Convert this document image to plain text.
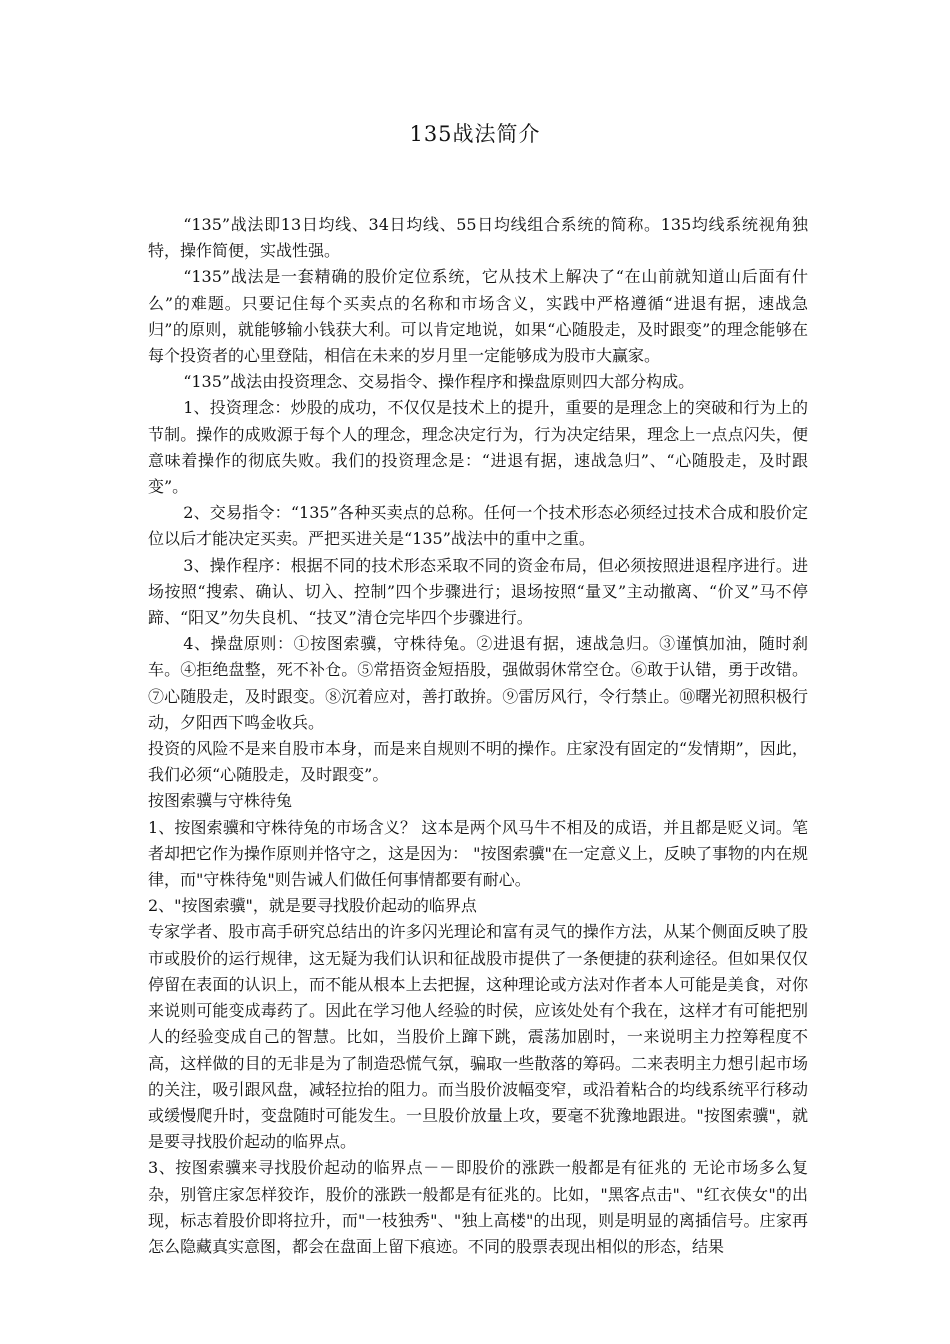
135战法简介

“135”战法即13日均线、34日均线、55日均线组合系统的简称。135均线系统视角独特，操作简便，实战性强。

“135”战法是一套精确的股价定位系统，它从技术上解决了“在山前就知道山后面有什么”的难题。只要记住每个买卖点的名称和市场含义，实践中严格遵循“进退有据，速战急归”的原则，就能够输小钱获大利。可以肯定地说，如果“心随股走，及时跟变”的理念能够在每个投资者的心里登陆，相信在未来的岁月里一定能够成为股市大赢家。

“135”战法由投资理念、交易指令、操作程序和操盘原则四大部分构成。

1、投资理念：炒股的成功，不仅仅是技术上的提升，重要的是理念上的突破和行为上的节制。操作的成败源于每个人的理念，理念决定行为，行为决定结果，理念上一点点闪失，便意味着操作的彻底失败。我们的投资理念是：“进退有据，速战急归”、“心随股走，及时跟变”。

2、交易指令：“135”各种买卖点的总称。任何一个技术形态必须经过技术合成和股价定位以后才能决定买卖。严把买进关是“135”战法中的重中之重。

3、操作程序：根据不同的技术形态采取不同的资金布局，但必须按照进退程序进行。进场按照“搜索、确认、切入、控制”四个步骤进行；退场按照“量叉”主动撤离、“价叉”马不停蹄、“阳叉”勿失良机、“技叉”清仓完毕四个步骤进行。

4、操盘原则：①按图索骥，守株待兔。②进退有据，速战急归。③谨慎加油，随时刹车。④拒绝盘整，死不补仓。⑤常捂资金短捂股，强做弱休常空仓。⑥敢于认错，勇于改错。⑦心随股走，及时跟变。⑧沉着应对，善打敢拚。⑨雷厉风行，令行禁止。⑩曙光初照积极行动，夕阳西下鸣金收兵。

投资的风险不是来自股市本身，而是来自规则不明的操作。庄家没有固定的“发情期”，因此，我们必须“心随股走，及时跟变”。

按图索骥与守株待兔

1、按图索骥和守株待兔的市场含义？ 这本是两个风马牛不相及的成语，并且都是贬义词。笔者却把它作为操作原则并恪守之，这是因为： "按图索骥"在一定意义上，反映了事物的内在规律，而"守株待兔"则告诫人们做任何事情都要有耐心。

2、"按图索骥"，就是要寻找股价起动的临界点

专家学者、股市高手研究总结出的许多闪光理论和富有灵气的操作方法，从某个侧面反映了股市或股价的运行规律，这无疑为我们认识和征战股市提供了一条便捷的获利途径。但如果仅仅停留在表面的认识上，而不能从根本上去把握，这种理论或方法对作者本人可能是美食，对你来说则可能变成毒药了。因此在学习他人经验的时侯，应该处处有个我在，这样才有可能把别人的经验变成自己的智慧。比如，当股价上蹿下跳，震荡加剧时，一来说明主力控筹程度不高，这样做的目的无非是为了制造恐慌气氛，骗取一些散落的筹码。二来表明主力想引起市场的关注，吸引跟风盘，减轻拉抬的阻力。而当股价波幅变窄，或沿着粘合的均线系统平行移动或缓慢爬升时，变盘随时可能发生。一旦股价放量上攻，要毫不犹豫地跟进。"按图索骥"，就是要寻找股价起动的临界点。

3、按图索骥来寻找股价起动的临界点－－即股价的涨跌一般都是有征兆的 无论市场多么复杂，别管庄家怎样狡诈，股价的涨跌一般都是有征兆的。比如，"黑客点击"、"红衣侠女"的出现，标志着股价即将拉升，而"一枝独秀"、"独上高楼"的出现，则是明显的离插信号。庄家再怎么隐藏真实意图，都会在盘面上留下痕迹。不同的股票表现出相似的形态，结果
